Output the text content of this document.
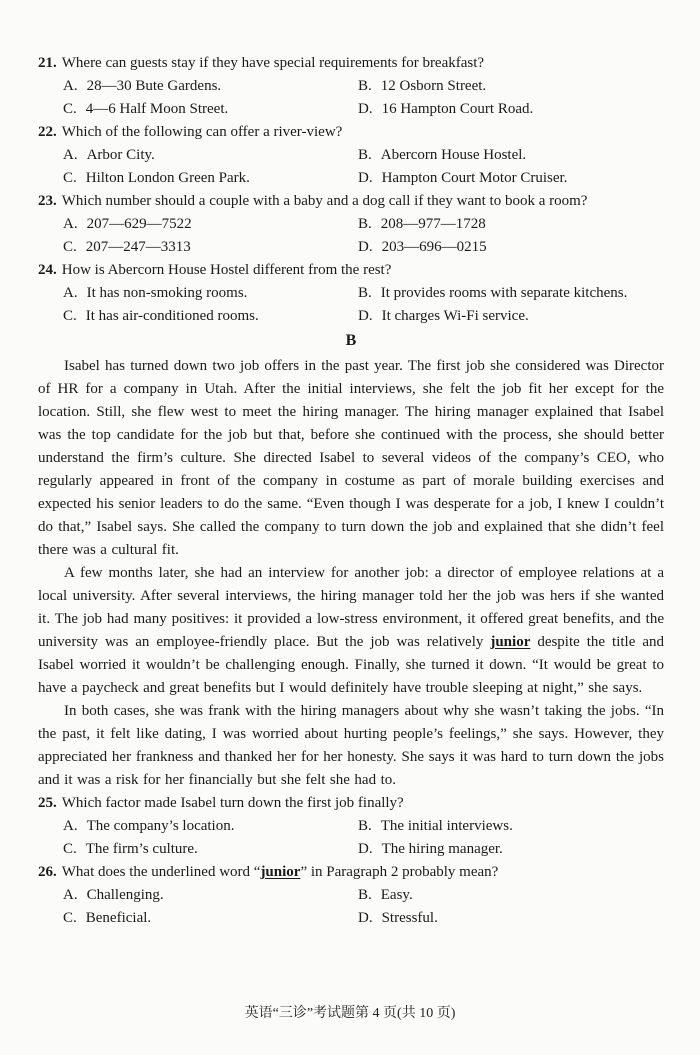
21. Where can guests stay if they have special requirements for breakfast?
A. 28—30 Bute Gardens.	B. 12 Osborn Street.
C. 4—6 Half Moon Street.	D. 16 Hampton Court Road.
22. Which of the following can offer a river-view?
A. Arbor City.	B. Abercorn House Hostel.
C. Hilton London Green Park.	D. Hampton Court Motor Cruiser.
23. Which number should a couple with a baby and a dog call if they want to book a room?
A. 207—629—7522	B. 208—977—1728
C. 207—247—3313	D. 203—696—0215
24. How is Abercorn House Hostel different from the rest?
A. It has non-smoking rooms.	B. It provides rooms with separate kitchens.
C. It has air-conditioned rooms.	D. It charges Wi-Fi service.
B

Isabel has turned down two job offers in the past year. The first job she considered was Director of HR for a company in Utah. After the initial interviews, she felt the job fit her except for the location. Still, she flew west to meet the hiring manager. The hiring manager explained that Isabel was the top candidate for the job but that, before she continued with the process, she should better understand the firm’s culture. She directed Isabel to several videos of the company’s CEO, who regularly appeared in front of the company in costume as part of morale building exercises and expected his senior leaders to do the same. “Even though I was desperate for a job, I knew I couldn’t do that,” Isabel says. She called the company to turn down the job and explained that she didn’t feel there was a cultural fit.

A few months later, she had an interview for another job: a director of employee relations at a local university. After several interviews, the hiring manager told her the job was hers if she wanted it. The job had many positives: it provided a low-stress environment, it offered great benefits, and the university was an employee-friendly place. But the job was relatively junior despite the title and Isabel worried it wouldn’t be challenging enough. Finally, she turned it down. “It would be great to have a paycheck and great benefits but I would definitely have trouble sleeping at night,” she says.

In both cases, she was frank with the hiring managers about why she wasn’t taking the jobs. “In the past, it felt like dating, I was worried about hurting people’s feelings,” she says. However, they appreciated her frankness and thanked her for her honesty. She says it was hard to turn down the jobs and it was a risk for her financially but she felt she had to.

25. Which factor made Isabel turn down the first job finally?
A. The company’s location.	B. The initial interviews.
C. The firm’s culture.	D. The hiring manager.
26. What does the underlined word “junior” in Paragraph 2 probably mean?
A. Challenging.	B. Easy.
C. Beneficial.	D. Stressful.
英语“三诊”考试题第 4 页(共 10 页)
